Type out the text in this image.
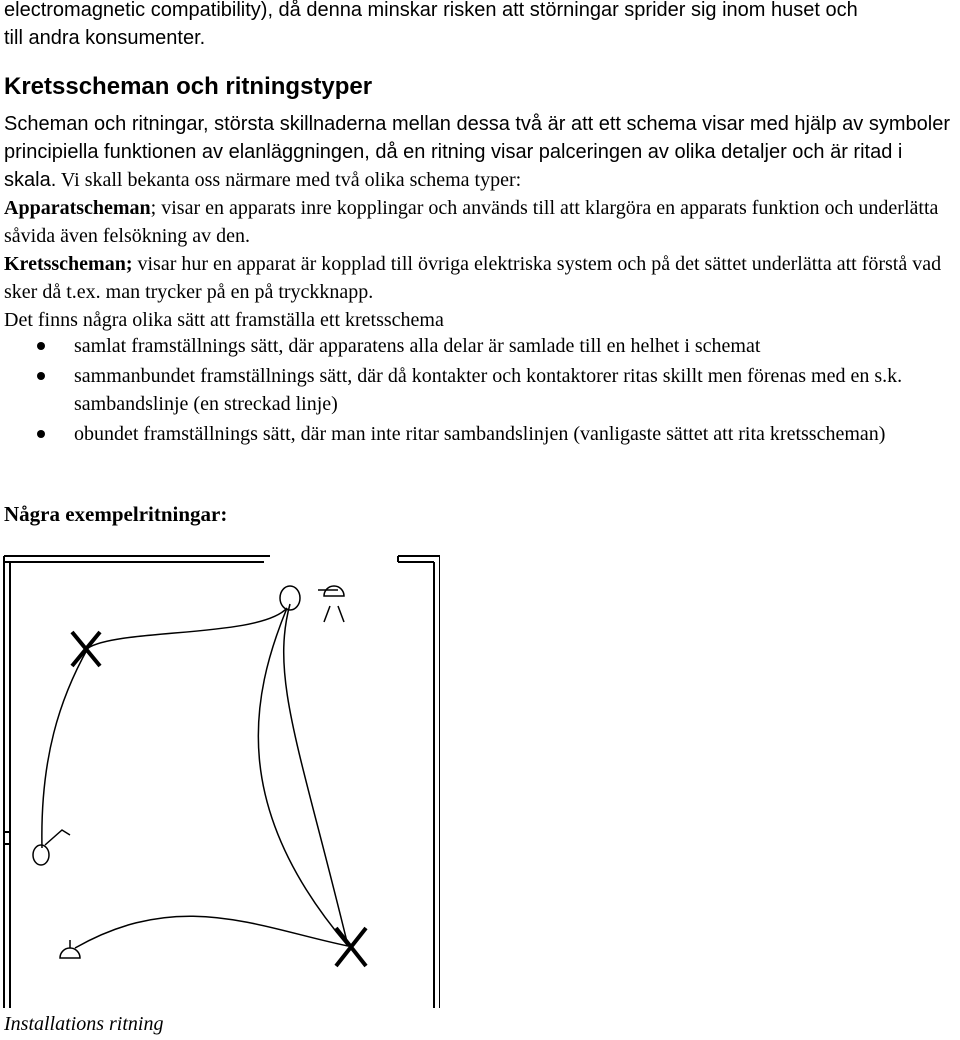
electromagnetic compatibility), då denna minskar risken att störningar sprider sig inom huset och
till andra konsumenter.

Kretsscheman och ritningstyper

Scheman och ritningar, största skillnaderna mellan dessa två är att ett schema visar med hjälp av symboler principiella funktionen av elanläggningen, då en ritning visar palceringen av olika detaljer och är ritad i skala. Vi skall bekanta oss närmare med två olika schema typer:

Apparatscheman; visar en apparats inre kopplingar och används till att klargöra en apparats funktion och underlätta såvida även felsökning av den.

Kretsscheman; visar hur en apparat är kopplad till övriga elektriska system och på det sättet underlätta att förstå vad sker då t.ex. man trycker på en på tryckknapp.

Det finns några olika sätt att framställa ett kretsschema

samlat framställnings sätt, där apparatens alla delar är samlade till en helhet i schemat
sammanbundet framställnings sätt, där då kontakter och kontaktorer ritas skillt men förenas med en s.k. sambandslinje (en streckad linje)
obundet framställnings sätt, där man inte ritar sambandslinjen (vanligaste sättet att rita kretsscheman)
Några exempelritningar:

Installations ritning
